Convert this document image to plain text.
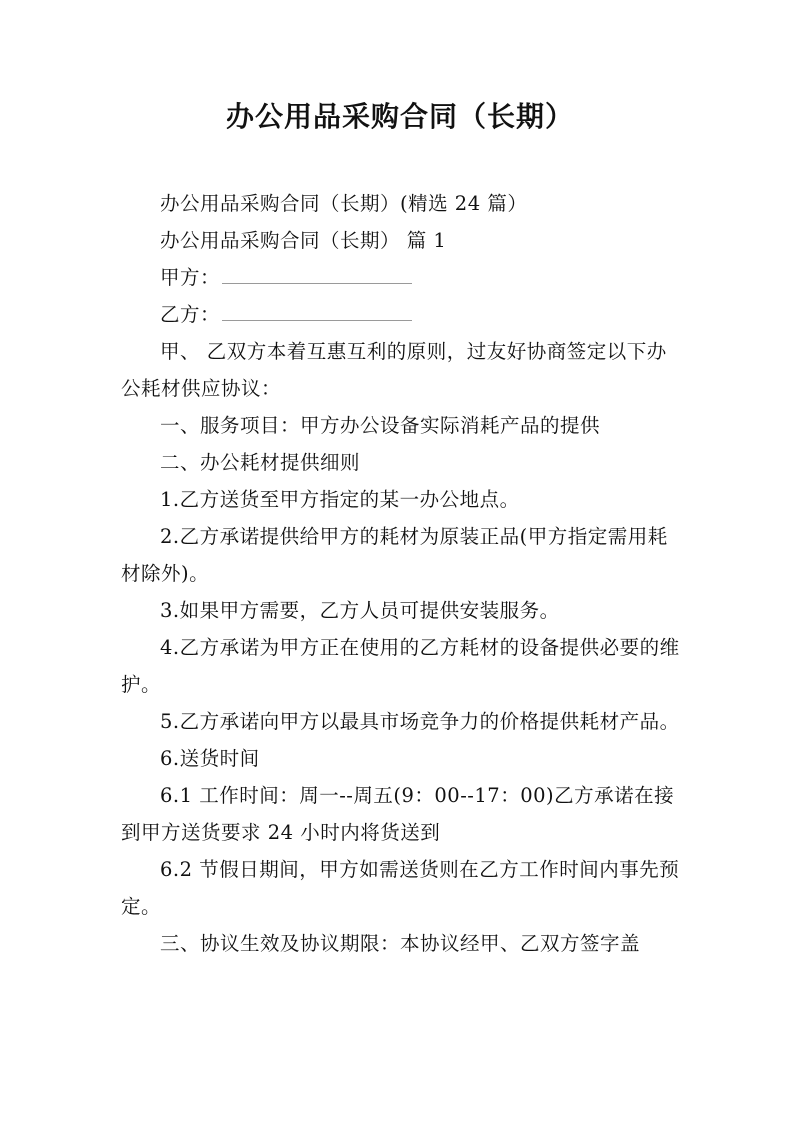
办公用品采购合同（长期）

办公用品采购合同（长期）(精选 24 篇）

办公用品采购合同（长期） 篇 1

甲方：

乙方：

甲、 乙双方本着互惠互利的原则，过友好协商签定以下办公耗材供应协议：

一、服务项目：甲方办公设备实际消耗产品的提供

二、办公耗材提供细则

1.乙方送货至甲方指定的某一办公地点。

2.乙方承诺提供给甲方的耗材为原装正品(甲方指定需用耗材除外)。

3.如果甲方需要，乙方人员可提供安装服务。

4.乙方承诺为甲方正在使用的乙方耗材的设备提供必要的维护。

5.乙方承诺向甲方以最具市场竞争力的价格提供耗材产品。

6.送货时间

6.1 工作时间：周一--周五(9：00--17：00)乙方承诺在接到甲方送货要求 24 小时内将货送到

6.2 节假日期间，甲方如需送货则在乙方工作时间内事先预定。

三、协议生效及协议期限：本协议经甲、乙双方签字盖
